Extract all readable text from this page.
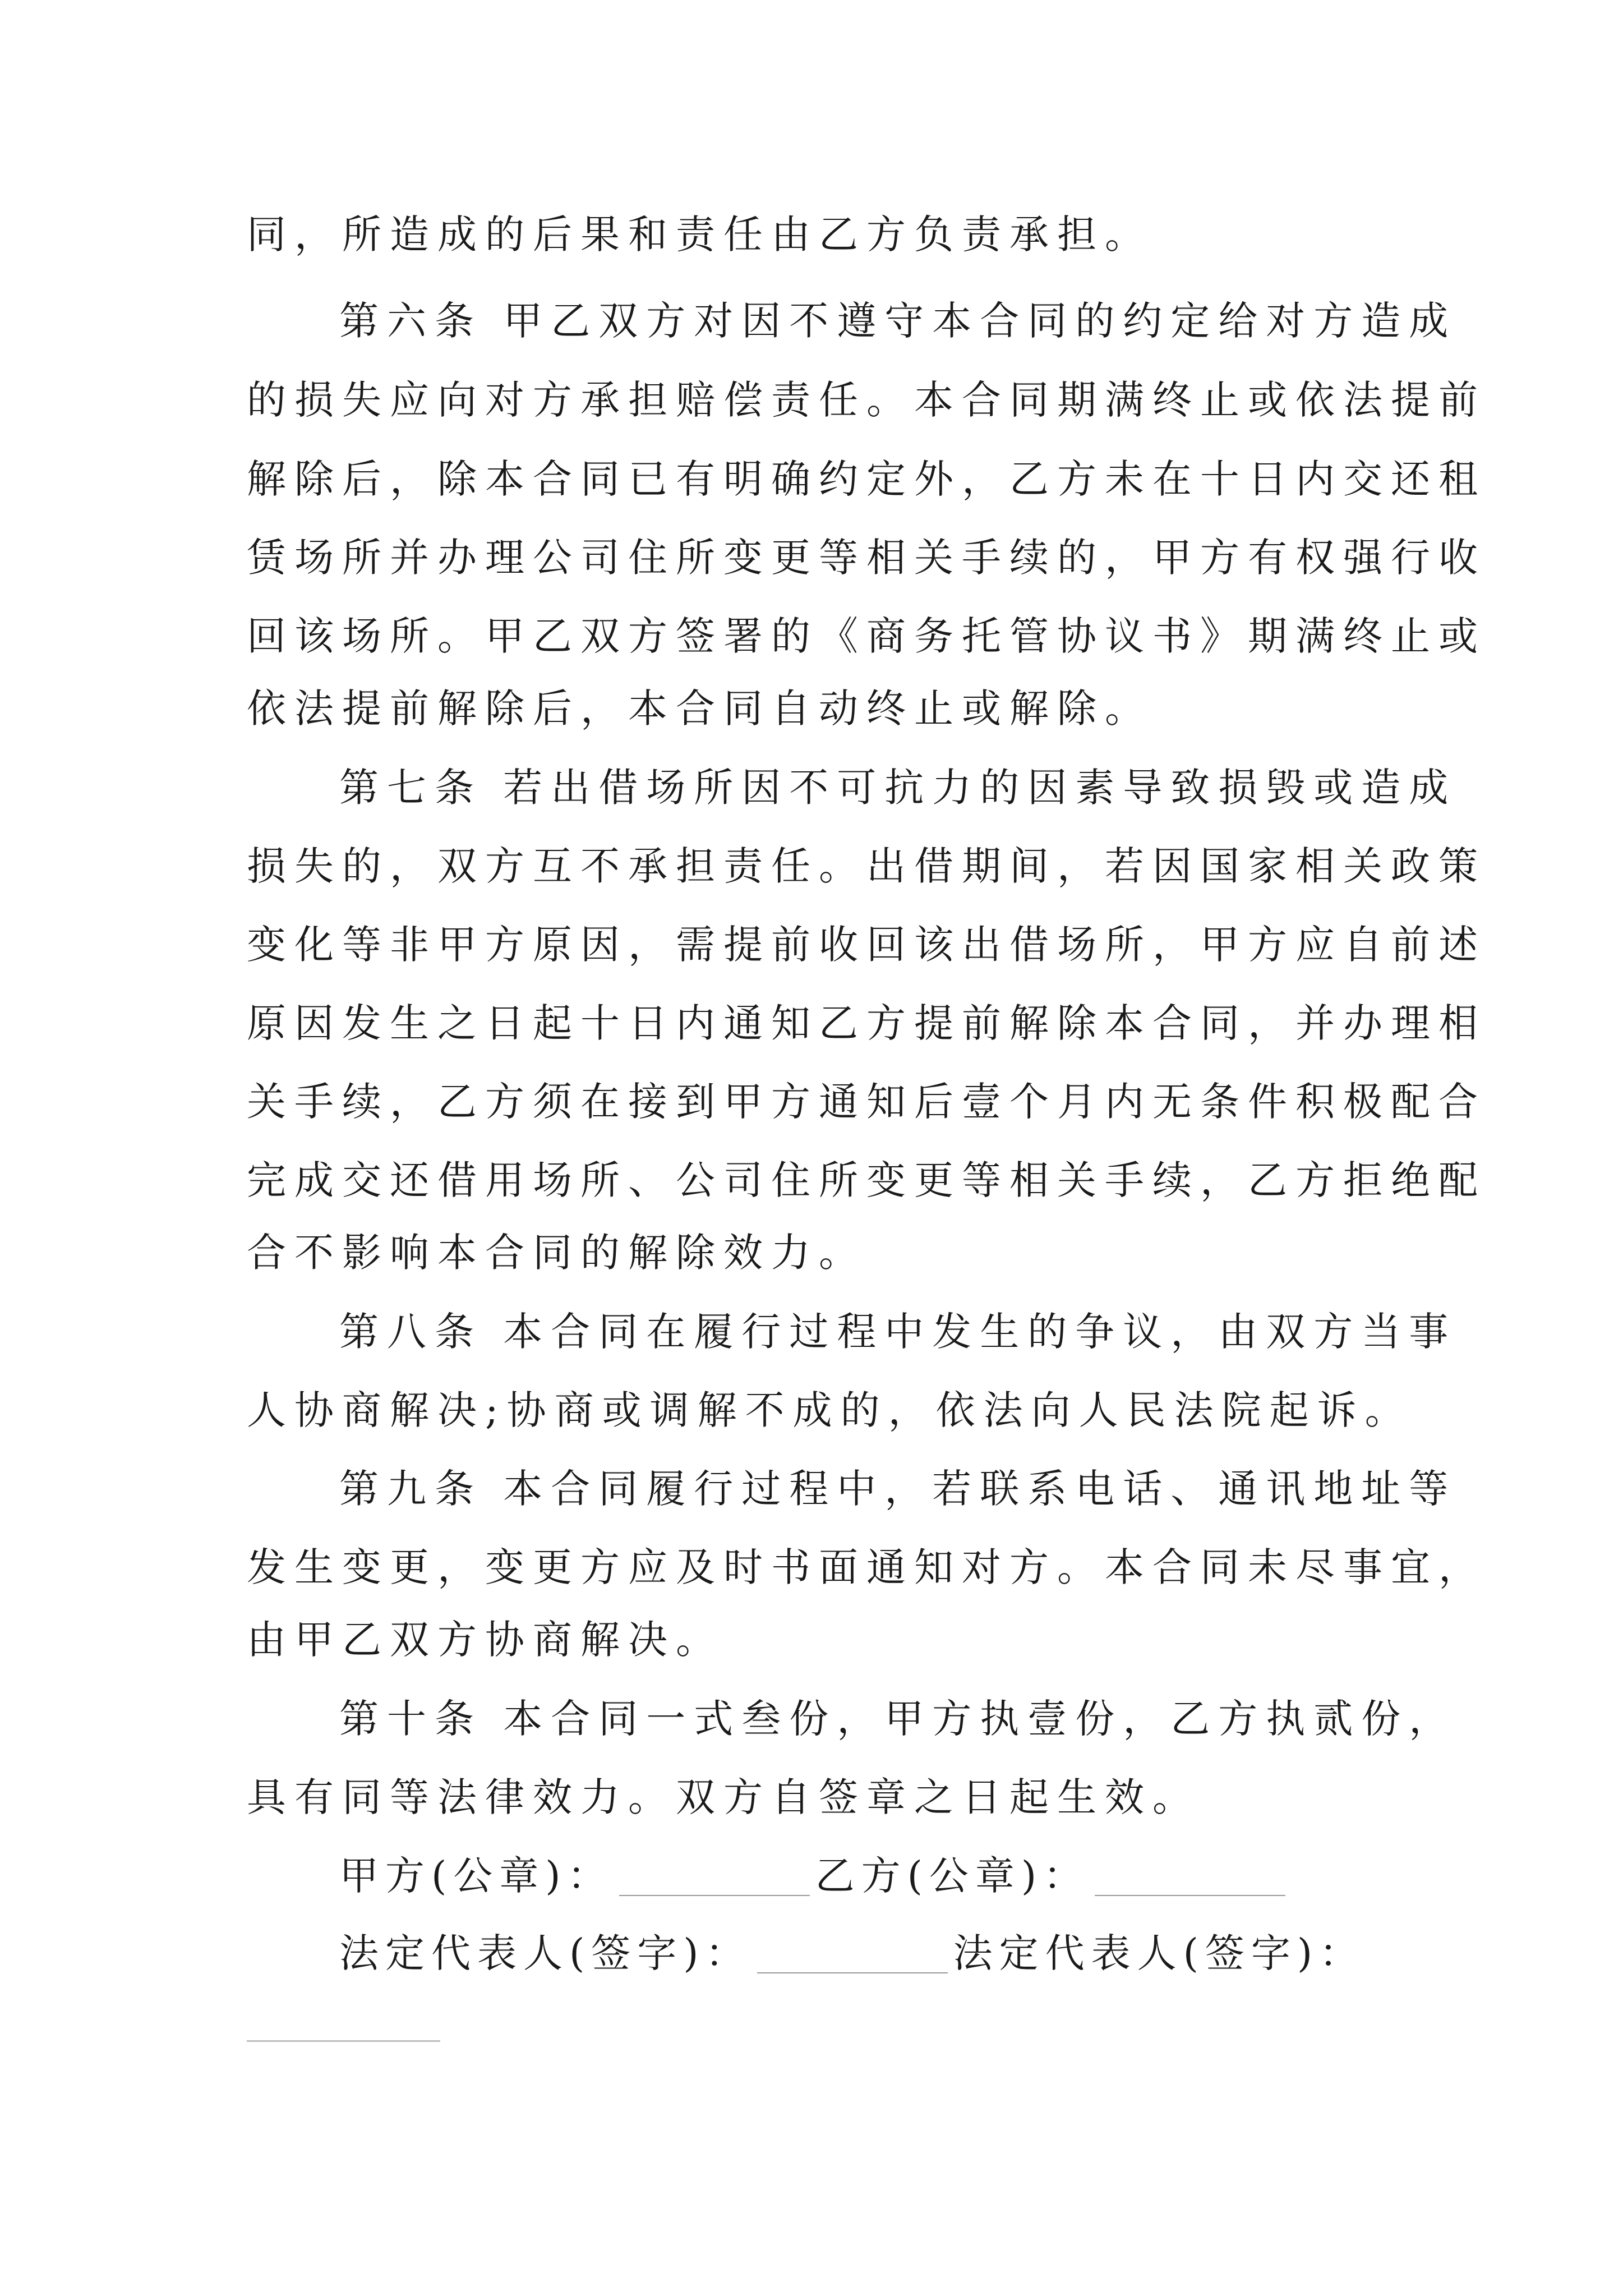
同，所造成的后果和责任由乙方负责承担。
第六条 甲乙双方对因不遵守本合同的约定给对方造成
的损失应向对方承担赔偿责任。本合同期满终止或依法提前
解除后，除本合同已有明确约定外，乙方未在十日内交还租
赁场所并办理公司住所变更等相关手续的，甲方有权强行收
回该场所。甲乙双方签署的《商务托管协议书》期满终止或
依法提前解除后，本合同自动终止或解除。
第七条 若出借场所因不可抗力的因素导致损毁或造成
损失的，双方互不承担责任。出借期间，若因国家相关政策
变化等非甲方原因，需提前收回该出借场所，甲方应自前述
原因发生之日起十日内通知乙方提前解除本合同，并办理相
关手续，乙方须在接到甲方通知后壹个月内无条件积极配合
完成交还借用场所、公司住所变更等相关手续，乙方拒绝配
合不影响本合同的解除效力。
第八条 本合同在履行过程中发生的争议，由双方当事
人协商解决;协商或调解不成的，依法向人民法院起诉。
第九条 本合同履行过程中，若联系电话、通讯地址等
发生变更，变更方应及时书面通知对方。本合同未尽事宜，
由甲乙双方协商解决。
第十条 本合同一式叁份，甲方执壹份，乙方执贰份，
具有同等法律效力。双方自签章之日起生效。
甲方(公章)：	乙方(公章)：
法定代表人(签字)：	法定代表人(签字)：
